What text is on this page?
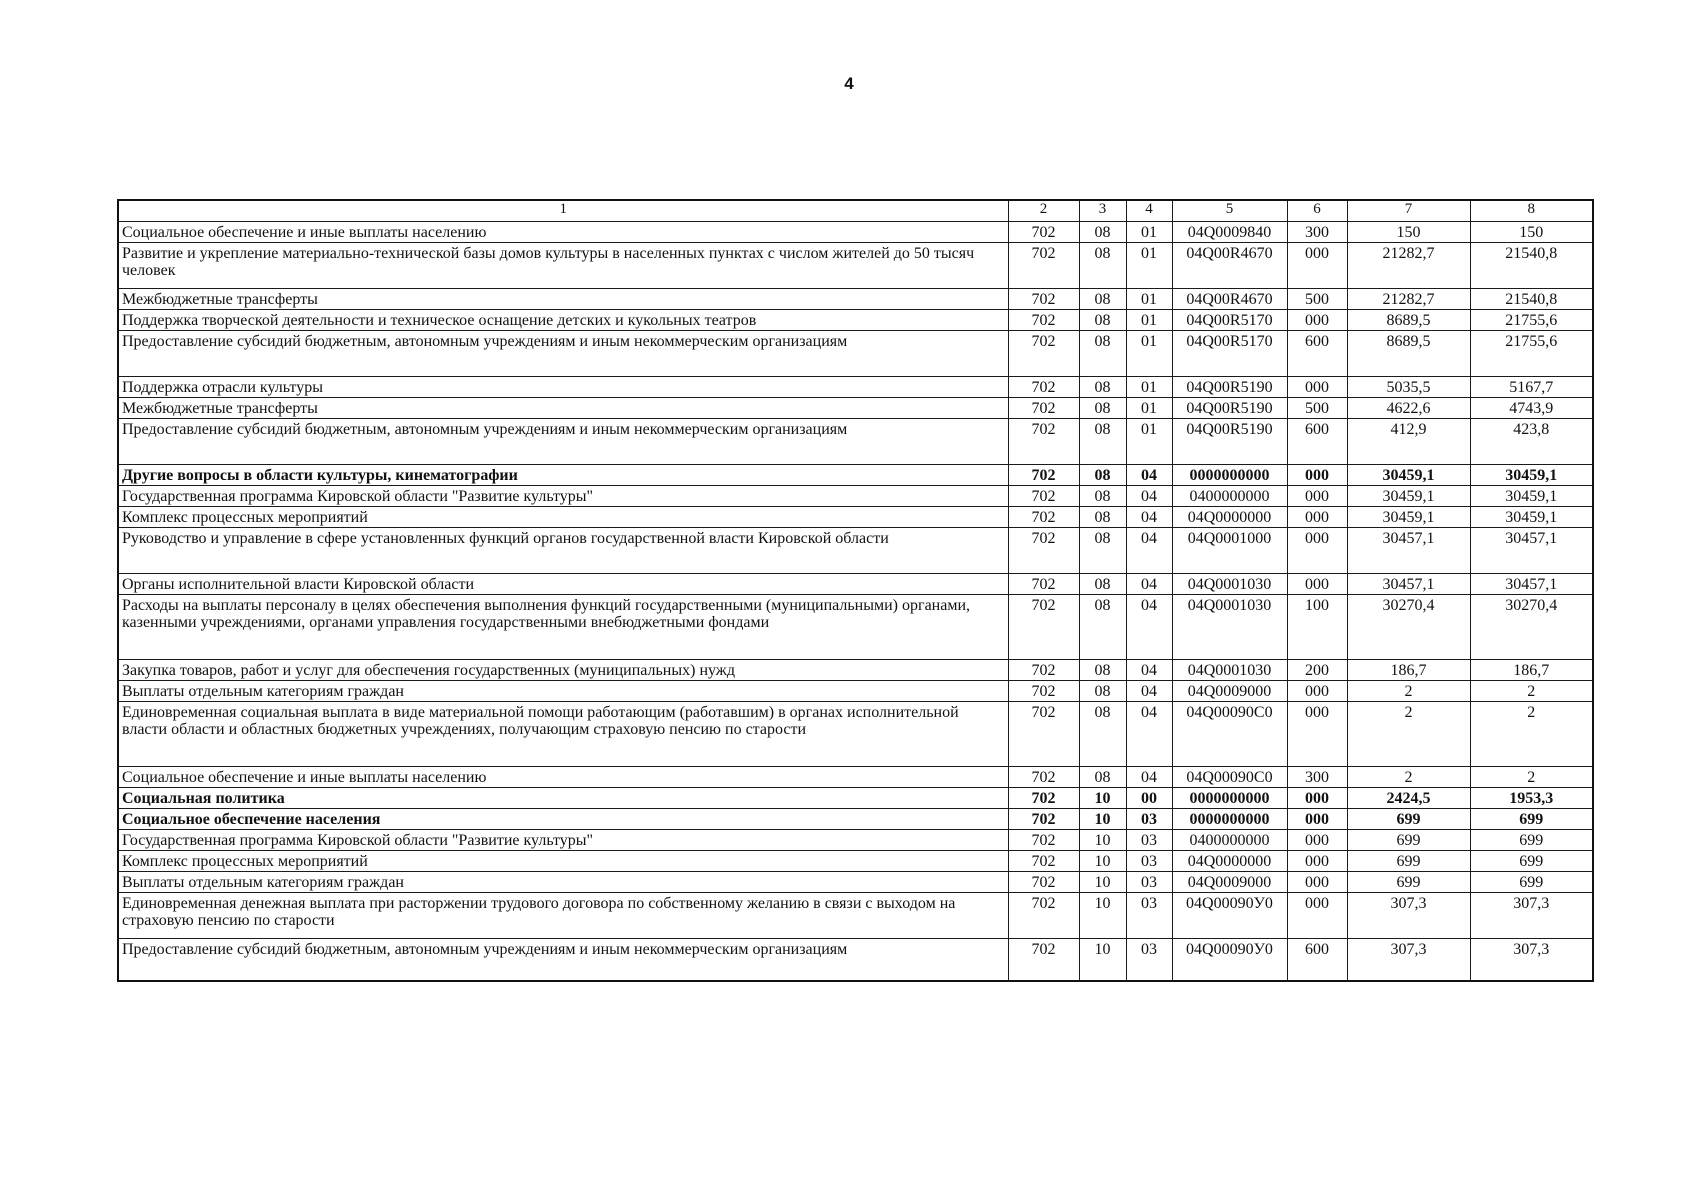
4
1	2	3	4	5	6	7	8
Социальное обеспечение и иные выплаты населению	702	08	01	04Q0009840	300	150	150
Развитие и укрепление материально-технической базы домов культуры в населенных пунктах с числом жителей до 50 тысяч человек	702	08	01	04Q00R4670	000	21282,7	21540,8
Межбюджетные трансферты	702	08	01	04Q00R4670	500	21282,7	21540,8
Поддержка творческой деятельности и техническое оснащение детских и кукольных театров	702	08	01	04Q00R5170	000	8689,5	21755,6
Предоставление субсидий бюджетным, автономным учреждениям и иным некоммерческим организациям	702	08	01	04Q00R5170	600	8689,5	21755,6
Поддержка отрасли культуры	702	08	01	04Q00R5190	000	5035,5	5167,7
Межбюджетные трансферты	702	08	01	04Q00R5190	500	4622,6	4743,9
Предоставление субсидий бюджетным, автономным учреждениям и иным некоммерческим организациям	702	08	01	04Q00R5190	600	412,9	423,8
Другие вопросы в области культуры, кинематографии	702	08	04	0000000000	000	30459,1	30459,1
Государственная программа Кировской области "Развитие культуры"	702	08	04	0400000000	000	30459,1	30459,1
Комплекс процессных мероприятий	702	08	04	04Q0000000	000	30459,1	30459,1
Руководство и управление в сфере установленных функций органов государственной власти Кировской области	702	08	04	04Q0001000	000	30457,1	30457,1
Органы исполнительной власти Кировской области	702	08	04	04Q0001030	000	30457,1	30457,1
Расходы на выплаты персоналу в целях обеспечения выполнения функций государственными (муниципальными) органами, казенными учреждениями, органами управления государственными внебюджетными фондами	702	08	04	04Q0001030	100	30270,4	30270,4
Закупка товаров, работ и услуг для обеспечения государственных (муниципальных) нужд	702	08	04	04Q0001030	200	186,7	186,7
Выплаты отдельным категориям граждан	702	08	04	04Q0009000	000	2	2
Единовременная социальная выплата в виде материальной помощи работающим (работавшим) в органах исполнительной власти области и областных бюджетных учреждениях, получающим страховую пенсию по старости	702	08	04	04Q00090C0	000	2	2
Социальное обеспечение и иные выплаты населению	702	08	04	04Q00090C0	300	2	2
Социальная политика	702	10	00	0000000000	000	2424,5	1953,3
Социальное обеспечение населения	702	10	03	0000000000	000	699	699
Государственная программа Кировской области "Развитие культуры"	702	10	03	0400000000	000	699	699
Комплекс процессных мероприятий	702	10	03	04Q0000000	000	699	699
Выплаты отдельным категориям граждан	702	10	03	04Q0009000	000	699	699
Единовременная денежная выплата при расторжении трудового договора по собственному желанию в связи с выходом на страховую пенсию по старости	702	10	03	04Q00090У0	000	307,3	307,3
Предоставление субсидий бюджетным, автономным учреждениям и иным некоммерческим организациям	702	10	03	04Q00090У0	600	307,3	307,3
